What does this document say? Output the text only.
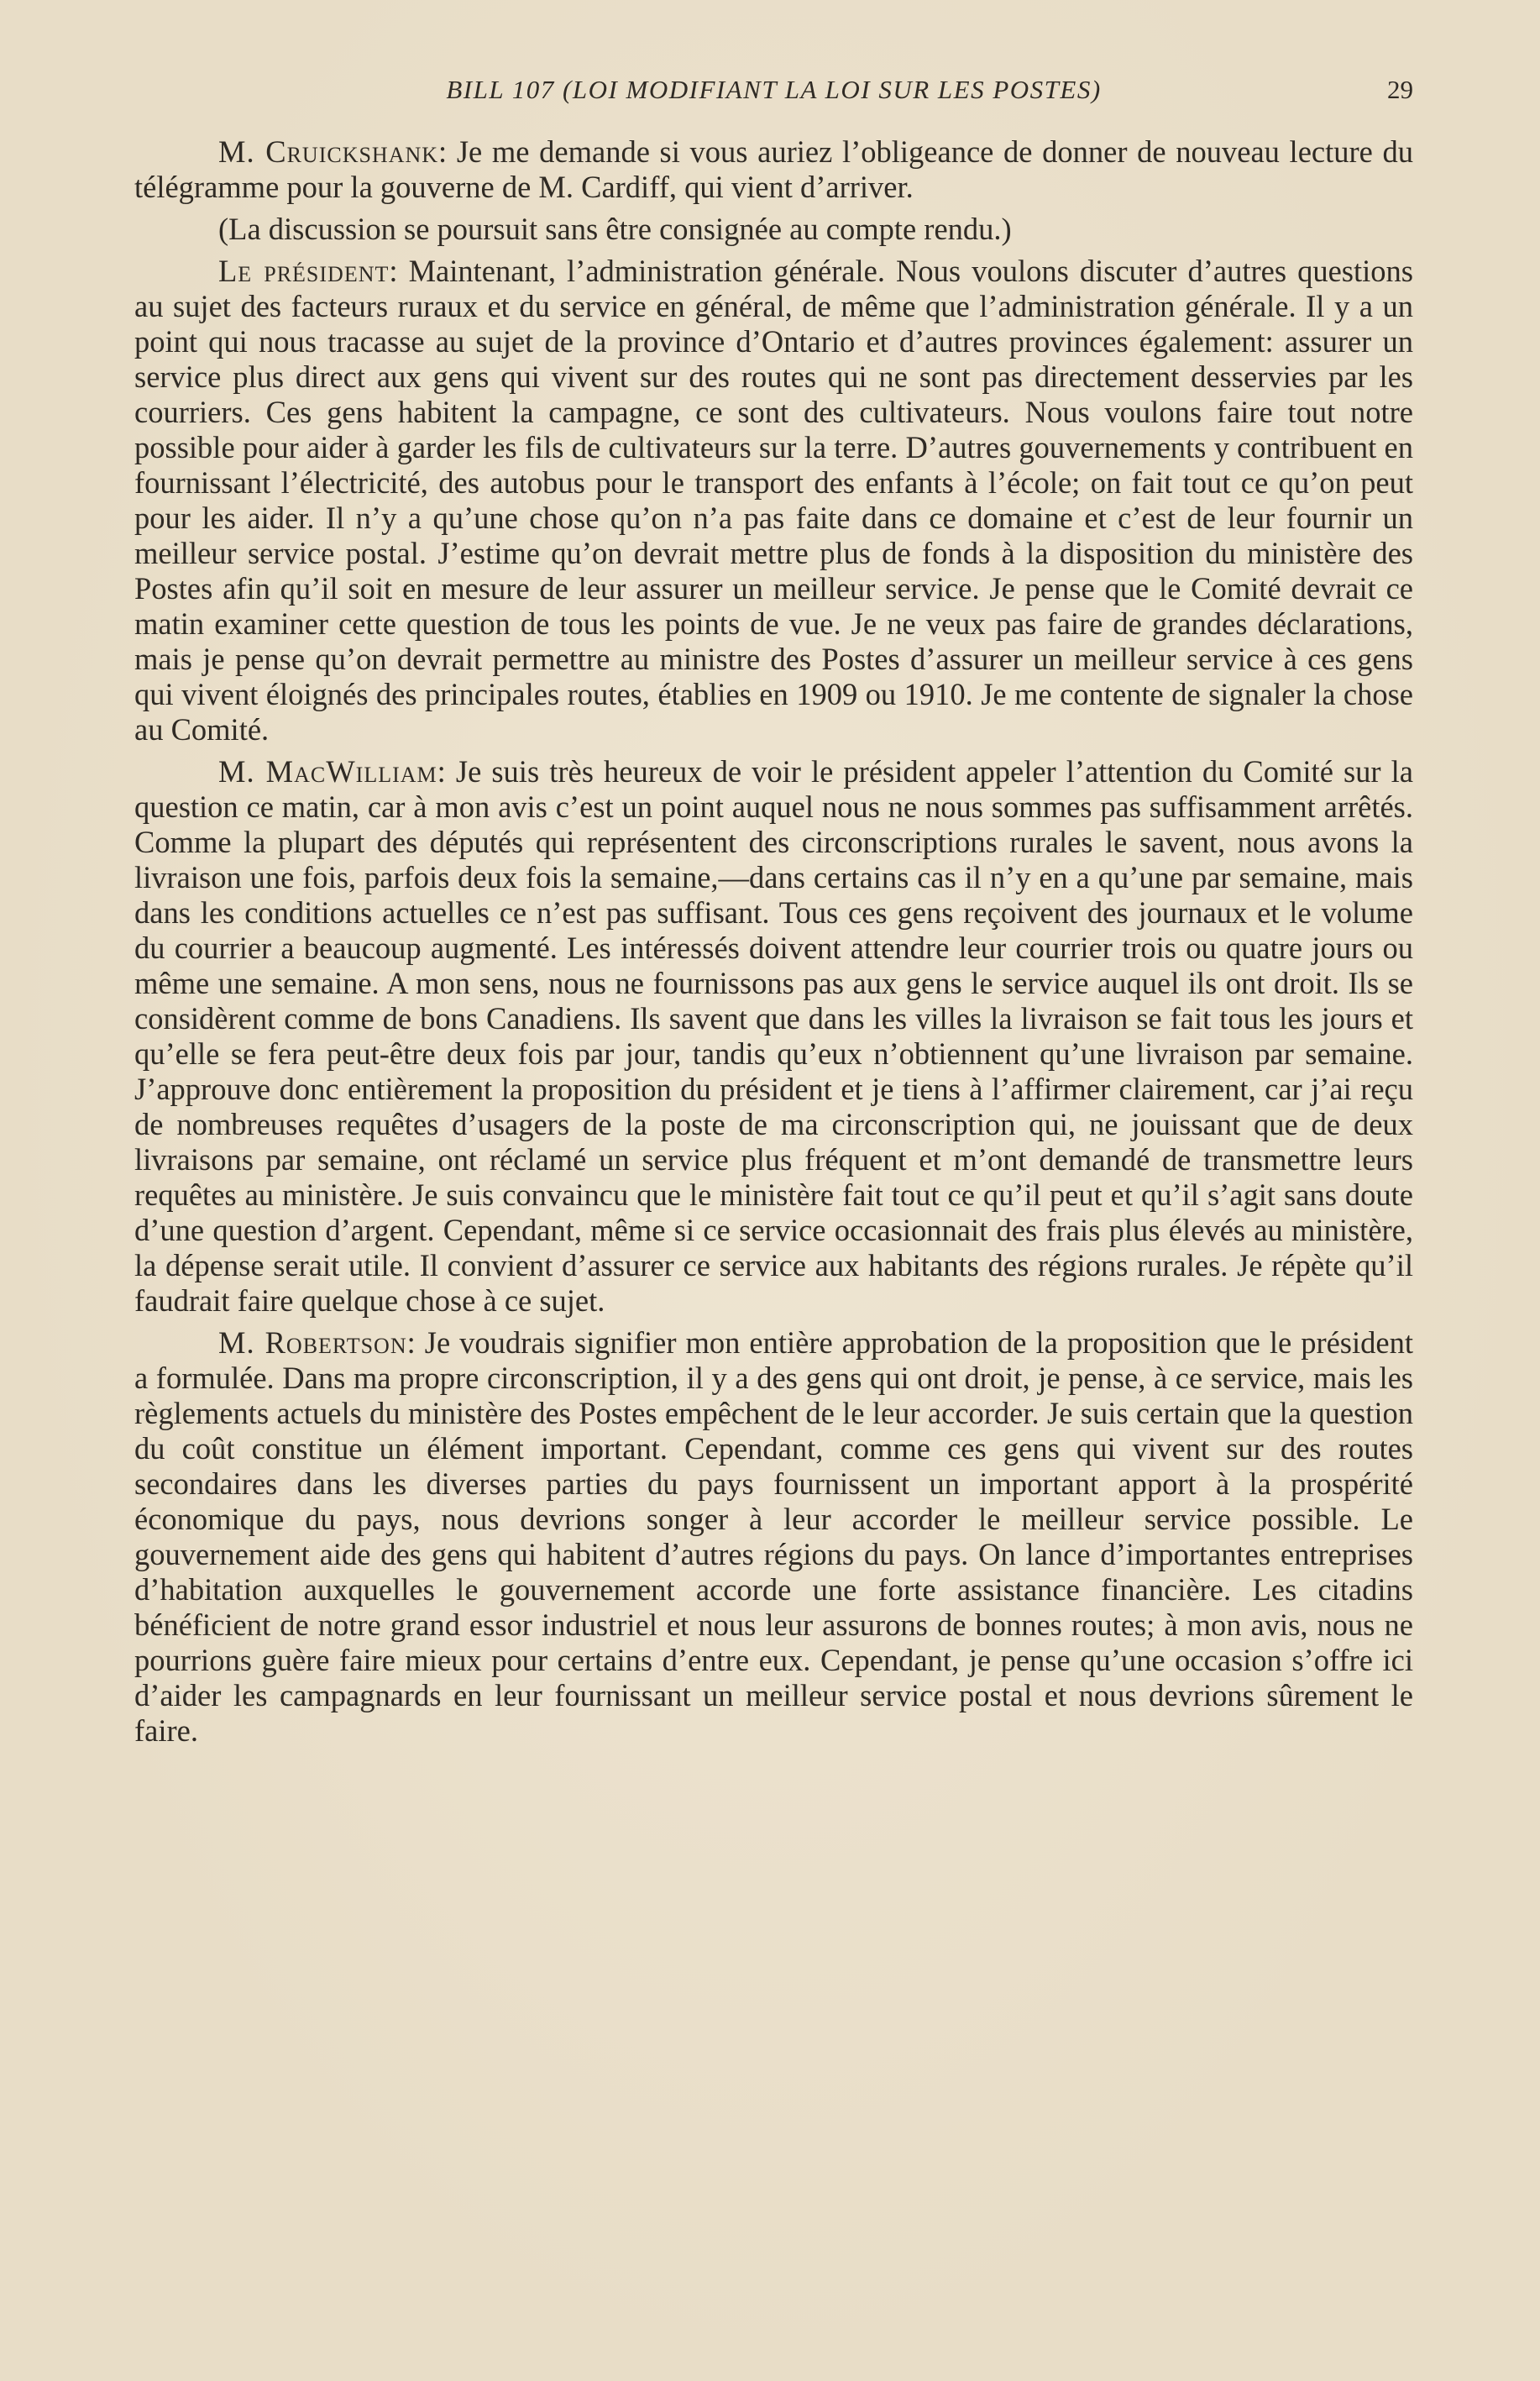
BILL 107 (LOI MODIFIANT LA LOI SUR LES POSTES)	29

M. Cruickshank: Je me demande si vous auriez l’obligeance de donner de nouveau lecture du télégramme pour la gouverne de M. Cardiff, qui vient d’arriver.

(La discussion se poursuit sans être consignée au compte rendu.)

Le président: Maintenant, l’administration générale. Nous voulons discuter d’autres questions au sujet des facteurs ruraux et du service en général, de même que l’administration générale. Il y a un point qui nous tracasse au sujet de la province d’Ontario et d’autres provinces également: assurer un service plus direct aux gens qui vivent sur des routes qui ne sont pas directement desservies par les courriers. Ces gens habitent la campagne, ce sont des cultivateurs. Nous voulons faire tout notre possible pour aider à garder les fils de cultivateurs sur la terre. D’autres gouvernements y contribuent en fournissant l’électricité, des autobus pour le transport des enfants à l’école; on fait tout ce qu’on peut pour les aider. Il n’y a qu’une chose qu’on n’a pas faite dans ce domaine et c’est de leur fournir un meilleur service postal. J’estime qu’on devrait mettre plus de fonds à la disposition du ministère des Postes afin qu’il soit en mesure de leur assurer un meilleur service. Je pense que le Comité devrait ce matin examiner cette question de tous les points de vue. Je ne veux pas faire de grandes déclarations, mais je pense qu’on devrait permettre au ministre des Postes d’assurer un meilleur service à ces gens qui vivent éloignés des principales routes, établies en 1909 ou 1910. Je me contente de signaler la chose au Comité.

M. MacWilliam: Je suis très heureux de voir le président appeler l’attention du Comité sur la question ce matin, car à mon avis c’est un point auquel nous ne nous sommes pas suffisamment arrêtés. Comme la plupart des députés qui représentent des circonscriptions rurales le savent, nous avons la livraison une fois, parfois deux fois la semaine,—dans certains cas il n’y en a qu’une par semaine, mais dans les conditions actuelles ce n’est pas suffisant. Tous ces gens reçoivent des journaux et le volume du courrier a beaucoup augmenté. Les intéressés doivent attendre leur courrier trois ou quatre jours ou même une semaine. A mon sens, nous ne fournissons pas aux gens le service auquel ils ont droit. Ils se considèrent comme de bons Canadiens. Ils savent que dans les villes la livraison se fait tous les jours et qu’elle se fera peut-être deux fois par jour, tandis qu’eux n’obtiennent qu’une livraison par semaine. J’approuve donc entièrement la proposition du président et je tiens à l’affirmer clairement, car j’ai reçu de nombreuses requêtes d’usagers de la poste de ma circonscription qui, ne jouissant que de deux livraisons par semaine, ont réclamé un service plus fréquent et m’ont demandé de transmettre leurs requêtes au ministère. Je suis convaincu que le ministère fait tout ce qu’il peut et qu’il s’agit sans doute d’une question d’argent. Cependant, même si ce service occasionnait des frais plus élevés au ministère, la dépense serait utile. Il convient d’assurer ce service aux habitants des régions rurales. Je répète qu’il faudrait faire quelque chose à ce sujet.

M. Robertson: Je voudrais signifier mon entière approbation de la proposition que le président a formulée. Dans ma propre circonscription, il y a des gens qui ont droit, je pense, à ce service, mais les règlements actuels du ministère des Postes empêchent de le leur accorder. Je suis certain que la question du coût constitue un élément important. Cependant, comme ces gens qui vivent sur des routes secondaires dans les diverses parties du pays fournissent un important apport à la prospérité économique du pays, nous devrions songer à leur accorder le meilleur service possible. Le gouvernement aide des gens qui habitent d’autres régions du pays. On lance d’importantes entreprises d’habitation auxquelles le gouvernement accorde une forte assistance financière. Les citadins bénéficient de notre grand essor industriel et nous leur assurons de bonnes routes; à mon avis, nous ne pourrions guère faire mieux pour certains d’entre eux. Cependant, je pense qu’une occasion s’offre ici d’aider les campagnards en leur fournissant un meilleur service postal et nous devrions sûrement le faire.
